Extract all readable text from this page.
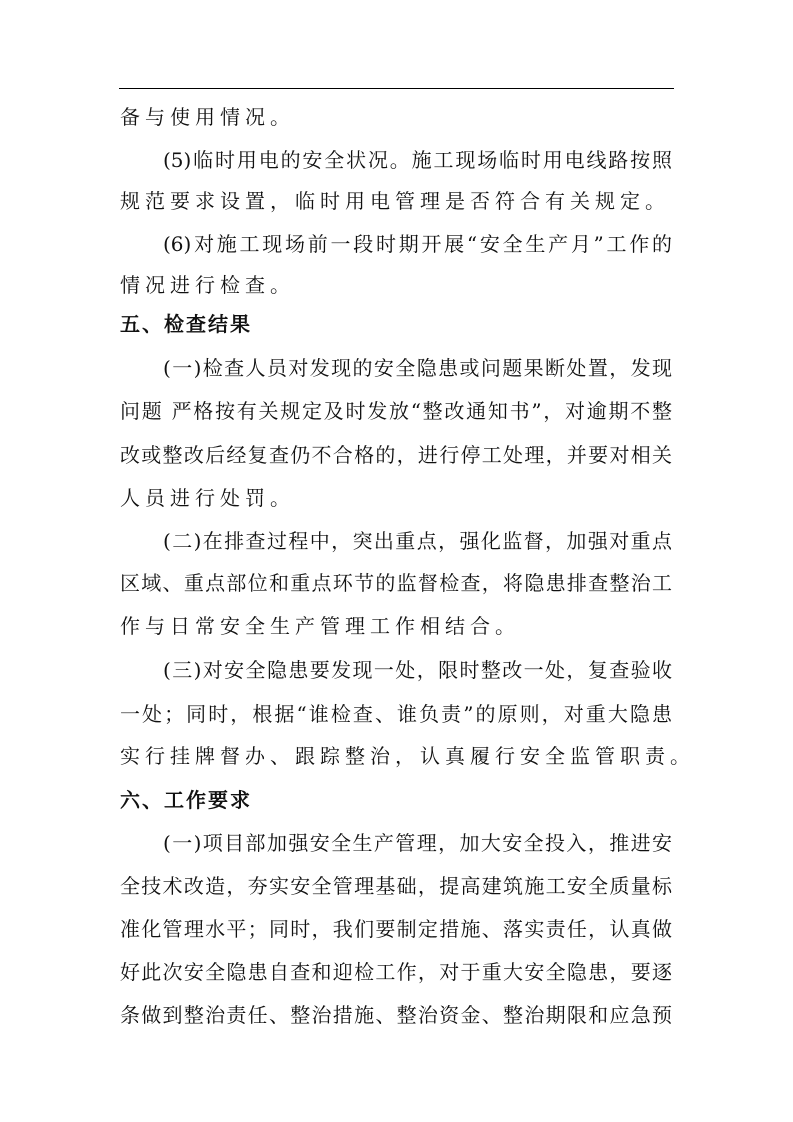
备与使用情况。
(5)临时用电的安全状况。施工现场临时用电线路按照
规范要求设置，临时用电管理是否符合有关规定。
(6)对施工现场前一段时期开展“安全生产月”工作的
情况进行检查。
五、检查结果
(一)检查人员对发现的安全隐患或问题果断处置，发现
问题 严格按有关规定及时发放“整改通知书”，对逾期不整
改或整改后经复查仍不合格的，进行停工处理，并要对相关
人员进行处罚。
(二)在排查过程中，突出重点，强化监督，加强对重点
区域、重点部位和重点环节的监督检查，将隐患排查整治工
作与日常安全生产管理工作相结合。
(三)对安全隐患要发现一处，限时整改一处，复查验收
一处；同时，根据“谁检查、谁负责”的原则，对重大隐患
实行挂牌督办、跟踪整治，认真履行安全监管职责。
六、工作要求
(一)项目部加强安全生产管理，加大安全投入，推进安
全技术改造，夯实安全管理基础，提高建筑施工安全质量标
准化管理水平；同时，我们要制定措施、落实责任，认真做
好此次安全隐患自查和迎检工作，对于重大安全隐患，要逐
条做到整治责任、整治措施、整治资金、整治期限和应急预
